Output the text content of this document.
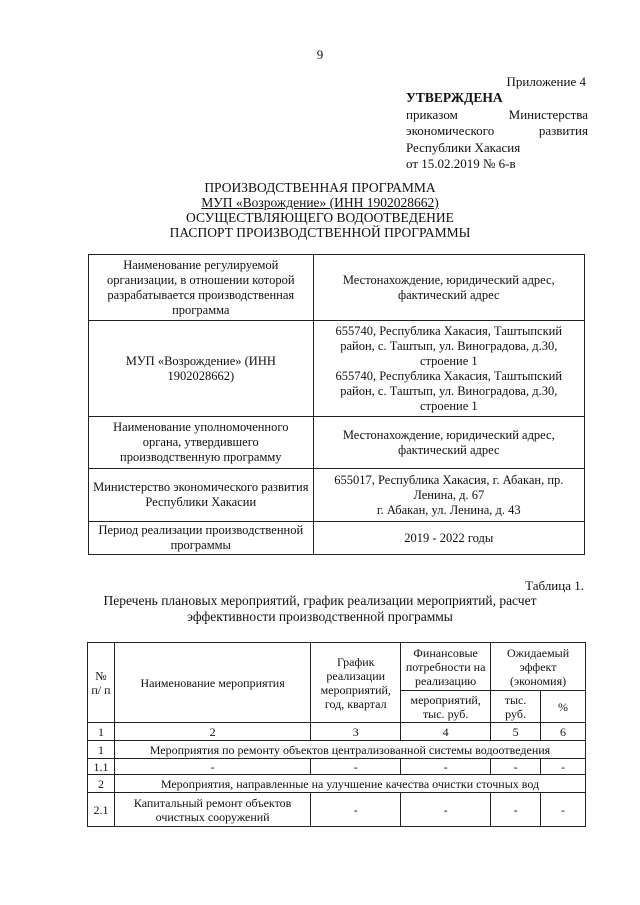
9
Приложение 4
УТВЕРЖДЕНА
приказом	Министерства
экономического	развития
Республики Хакасия
от 15.02.2019 № 6-в
ПРОИЗВОДСТВЕННАЯ ПРОГРАММА
МУП «Возрождение» (ИНН 1902028662)
ОСУЩЕСТВЛЯЮЩЕГО ВОДООТВЕДЕНИЕ
ПАСПОРТ ПРОИЗВОДСТВЕННОЙ ПРОГРАММЫ
Наименование регулируемой организации, в отношении которой разрабатывается производственная программа	Местонахождение, юридический адрес, фактический адрес
МУП «Возрождение» (ИНН 1902028662)	655740, Республика Хакасия, Таштыпский район, с. Таштып, ул. Виноградова, д.30, строение 1
655740, Республика Хакасия, Таштыпский район, с. Таштып, ул. Виноградова, д.30, строение 1

Наименование уполномоченного органа, утвердившего производственную программу	Местонахождение, юридический адрес, фактический адрес
Министерство экономического развития Республики Хакасии	655017, Республика Хакасия, г. Абакан, пр. Ленина, д. 67
г. Абакан, ул. Ленина, д. 43

Период реализации производственной программы	2019 - 2022 годы
Таблица 1.
Перечень плановых мероприятий, график реализации мероприятий, расчет
эффективности производственной программы
№ п/ п	Наименование мероприятия	График реализации мероприятий, год, квартал	Финансовые потребности на реализацию	Ожидаемый эффект (экономия)	
			мероприятий, тыс. руб.	тыс. руб.	%
1	2	3	4	5	6
1	Мероприятия по ремонту объектов централизованной системы водоотведения				
1.1	-	-	-	-	-
2	Мероприятия, направленные на улучшение качества очистки сточных вод				
2.1	Капитальный ремонт объектов очистных сооружений	-	-	-	-
